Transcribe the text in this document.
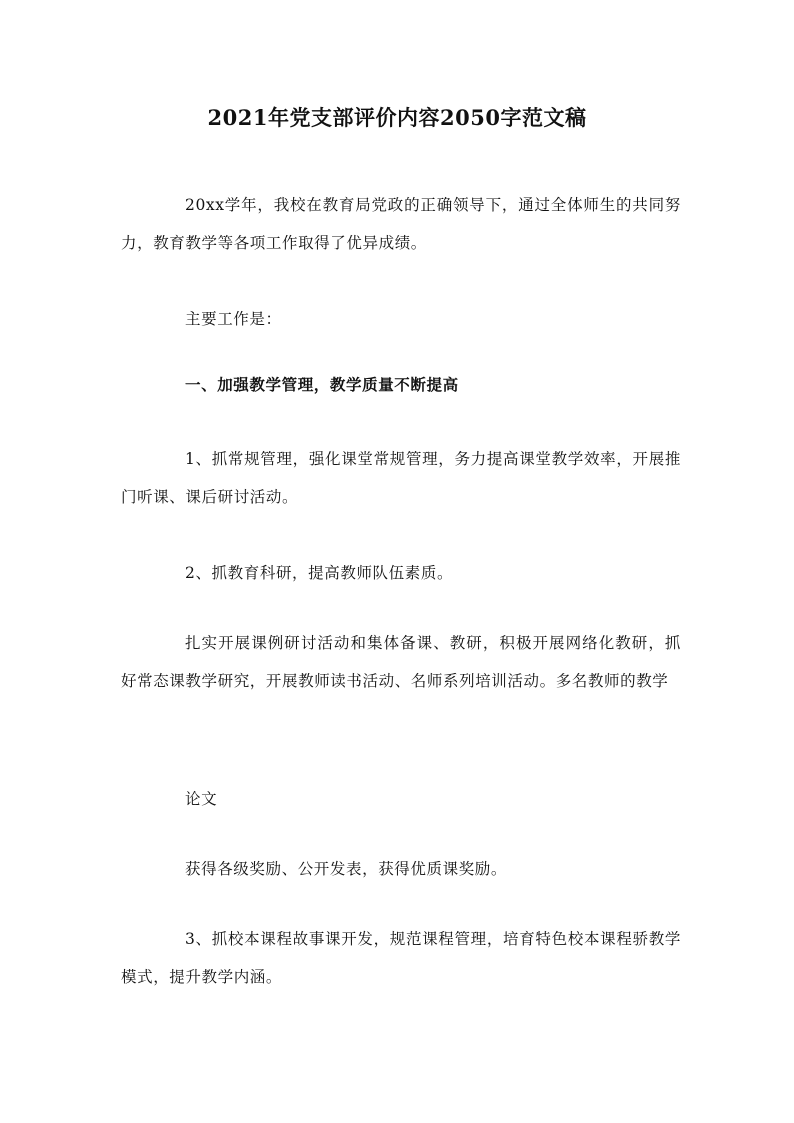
2021年党支部评价内容2050字范文稿

20xx学年，我校在教育局党政的正确领导下，通过全体师生的共同努力，教育教学等各项工作取得了优异成绩。

主要工作是：

一、加强教学管理，教学质量不断提高

1、抓常规管理，强化课堂常规管理，务力提高课堂教学效率，开展推门听课、课后研讨活动。

2、抓教育科研，提高教师队伍素质。

扎实开展课例研讨活动和集体备课、教研，积极开展网络化教研，抓好常态课教学研究，开展教师读书活动、名师系列培训活动。多名教师的教学

论文

获得各级奖励、公开发表，获得优质课奖励。

3、抓校本课程故事课开发，规范课程管理，培育特色校本课程骄教学模式，提升教学内涵。
